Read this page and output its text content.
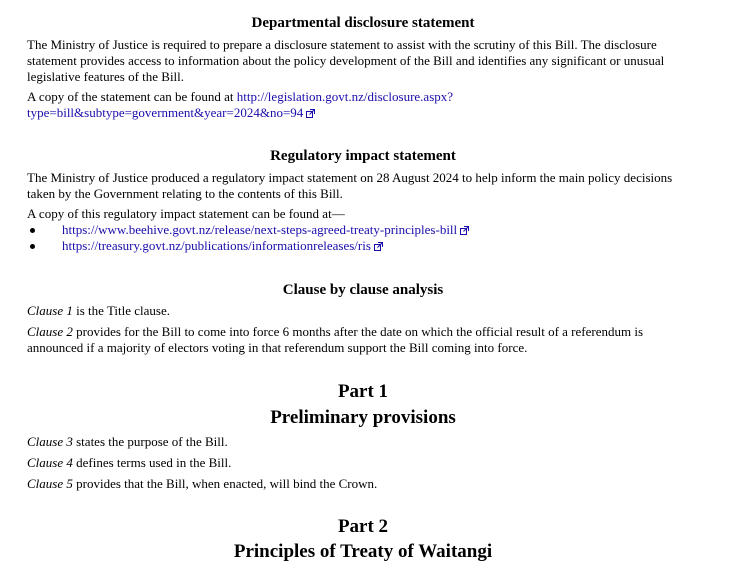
Departmental disclosure statement

The Ministry of Justice is required to prepare a disclosure statement to assist with the scrutiny of this Bill. The disclosure statement provides access to information about the policy development of the Bill and identifies any significant or unusual legislative features of the Bill.

A copy of the statement can be found at http://legislation.govt.nz/disclosure.aspx?
type=bill&subtype=government&year=2024&no=94

Regulatory impact statement

The Ministry of Justice produced a regulatory impact statement on 28 August 2024 to help inform the main policy decisions taken by the Government relating to the contents of this Bill.

A copy of this regulatory impact statement can be found at—

https://www.beehive.govt.nz/release/next-steps-agreed-treaty-principles-bill
https://treasury.govt.nz/publications/informationreleases/ris
Clause by clause analysis

Clause 1 is the Title clause.

Clause 2 provides for the Bill to come into force 6 months after the date on which the official result of a referendum is announced if a majority of electors voting in that referendum support the Bill coming into force.

Part 1
Preliminary provisions

Clause 3 states the purpose of the Bill.

Clause 4 defines terms used in the Bill.

Clause 5 provides that the Bill, when enacted, will bind the Crown.

Part 2
Principles of Treaty of Waitangi
